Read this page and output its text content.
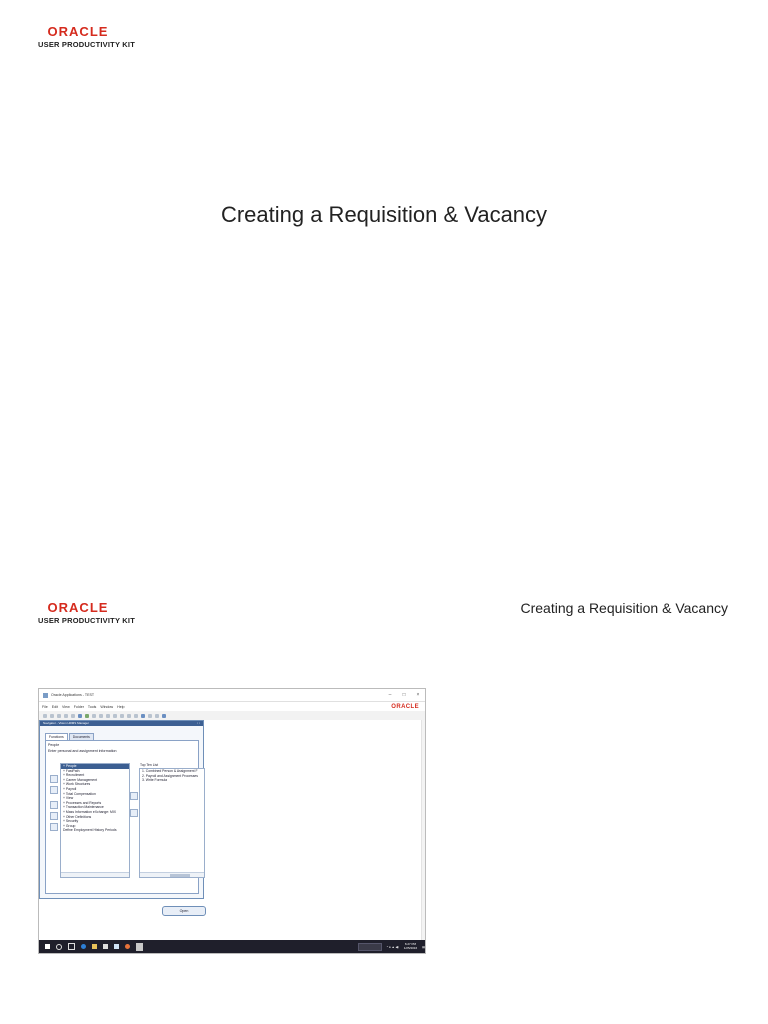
ORACLE
USER PRODUCTIVITY KIT
Creating a Requisition & Vacancy
ORACLE
USER PRODUCTIVITY KIT
Creating a Requisition & Vacancy
Oracle Applications - TEST	–	□	×
File Edit View Folder Tools Window Help	ORACLE
Navigator - Vision HRMS Manager	▫▫
Functions	Documents
People
Enter personal and assignment information
+ People
+ FastPath
+ Recruitment
+ Career Management
+ Work Structures
+ Payroll
+ Total Compensation
+ View
+ Processes and Reports
+ Transaction Maintenance
+ Mass Information eXchange: MIX
+ Other Definitions
+ Security
+ Group
Define Employment History Periods
Top Ten List
1. Combined Person & Assignment F
2. Payroll and Assignment Processes
3. Write Formula
Open
^ ● ▲ ◀)
6:27 PM
1/25/2016 ▤
